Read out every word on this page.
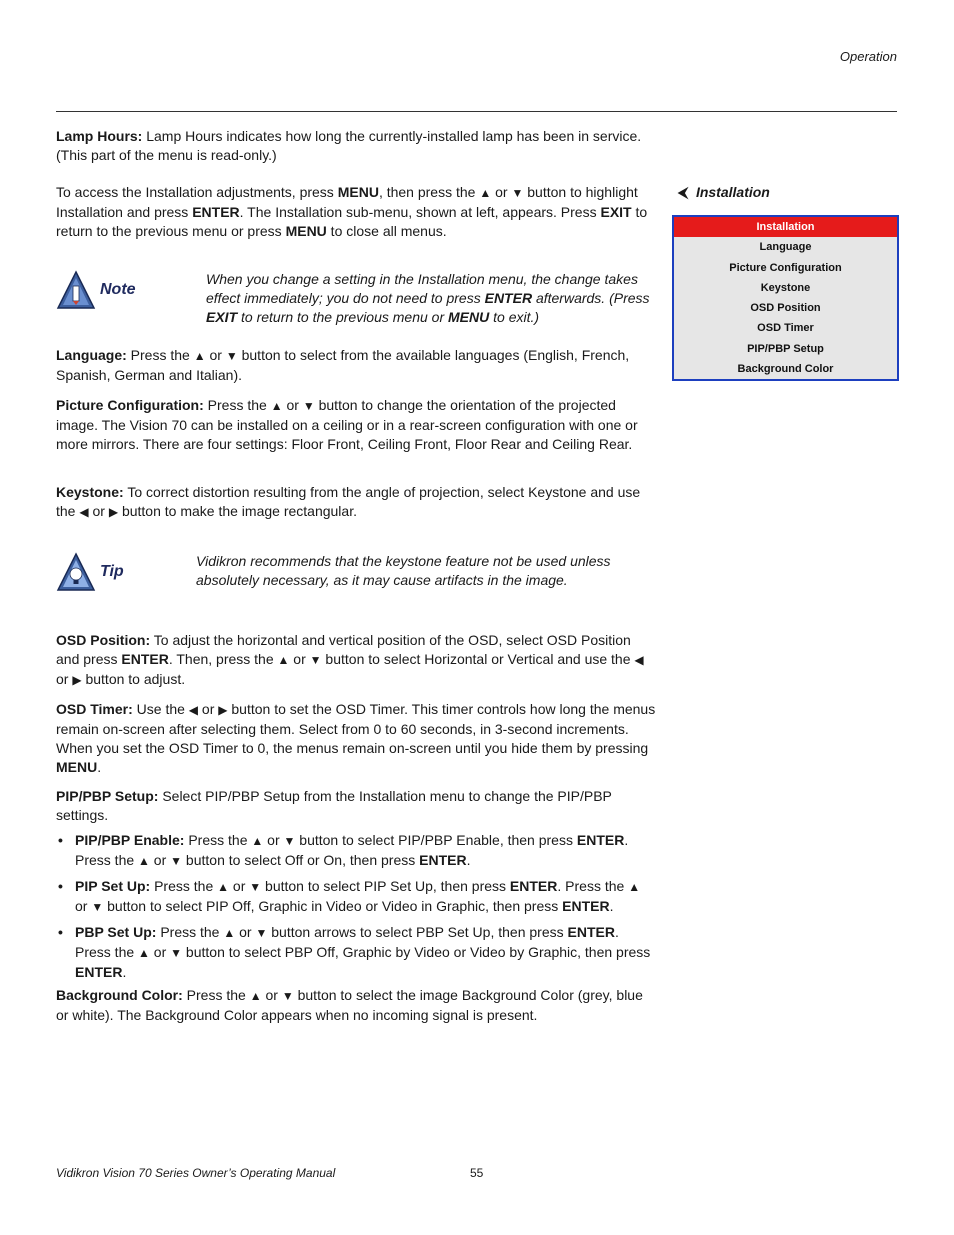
Operation

Lamp Hours: Lamp Hours indicates how long the currently-installed lamp has been in service. (This part of the menu is read-only.)

To access the Installation adjustments, press MENU, then press the ▲ or ▼ button to highlight Installation and press ENTER. The Installation sub-menu, shown at left, appears. Press EXIT to return to the previous menu or press MENU to close all menus.

Note

When you change a setting in the Installation menu, the change takes effect immediately; you do not need to press ENTER afterwards. (Press EXIT to return to the previous menu or MENU to exit.)

Language: Press the ▲ or ▼ button to select from the available languages (English, French, Spanish, German and Italian).

Picture Configuration: Press the ▲ or ▼ button to change the orientation of the projected image. The Vision 70 can be installed on a ceiling or in a rear-screen configuration with one or more mirrors. There are four settings: Floor Front, Ceiling Front, Floor Rear and Ceiling Rear.

Keystone: To correct distortion resulting from the angle of projection, select Keystone and use the ◀ or ▶ button to make the image rectangular.

Tip

Vidikron recommends that the keystone feature not be used unless absolutely necessary, as it may cause artifacts in the image.

OSD Position: To adjust the horizontal and vertical position of the OSD, select OSD Position and press ENTER. Then, press the ▲ or ▼ button to select Horizontal or Vertical and use the ◀ or ▶ button to adjust.

OSD Timer: Use the ◀ or ▶ button to set the OSD Timer. This timer controls how long the menus remain on-screen after selecting them. Select from 0 to 60 seconds, in 3-second increments. When you set the OSD Timer to 0, the menus remain on-screen until you hide them by pressing MENU.

PIP/PBP Setup: Select PIP/PBP Setup from the Installation menu to change the PIP/PBP settings.

• PIP/PBP Enable: Press the ▲ or ▼ button to select PIP/PBP Enable, then press ENTER. Press the ▲ or ▼ button to select Off or On, then press ENTER.
• PIP Set Up: Press the ▲ or ▼ button to select PIP Set Up, then press ENTER. Press the ▲ or ▼ button to select PIP Off, Graphic in Video or Video in Graphic, then press ENTER.
• PBP Set Up: Press the ▲ or ▼ button arrows to select PBP Set Up, then press ENTER. Press the ▲ or ▼ button to select PBP Off, Graphic by Video or Video by Graphic, then press ENTER.

Background Color: Press the ▲ or ▼ button to select the image Background Color (grey, blue or white). The Background Color appears when no incoming signal is present.

⮜ Installation
Installation
Language
Picture Configuration
Keystone
OSD Position
OSD Timer
PIP/PBP Setup
Background Color
Vidikron Vision 70 Series Owner’s Operating Manual	55
